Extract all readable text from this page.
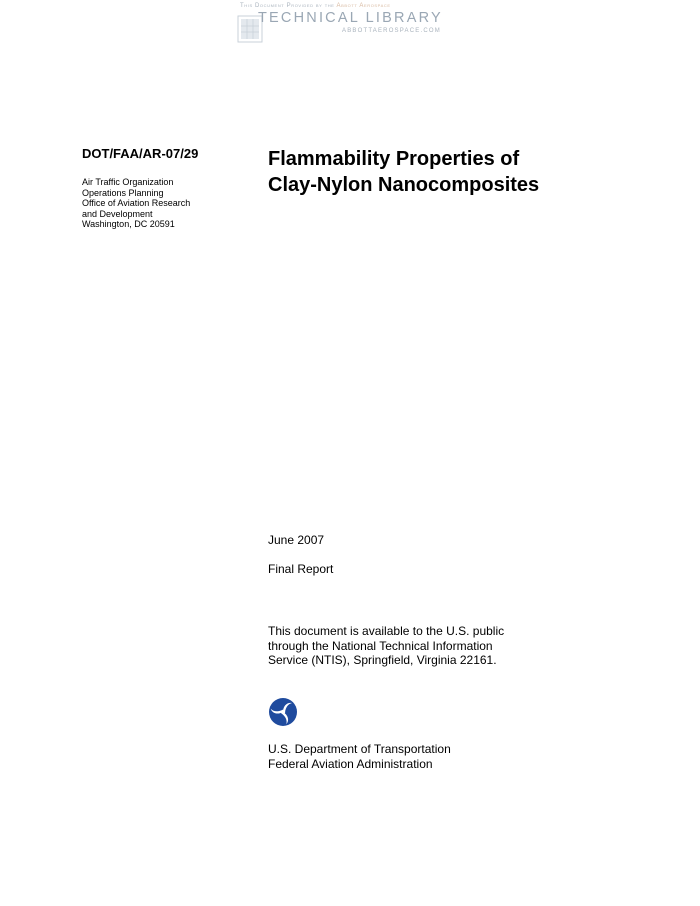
This Document Provided by the Abbott Aerospace
TECHNICAL LIBRARY
ABBOTTAEROSPACE.COM
DOT/FAA/AR-07/29
Air Traffic Organization
Operations Planning
Office of Aviation Research
and Development
Washington, DC 20591
Flammability Properties of
Clay-Nylon Nanocomposites
June 2007
Final Report
This document is available to the U.S. public
through the National Technical Information
Service (NTIS), Springfield, Virginia 22161.
U.S. Department of Transportation
Federal Aviation Administration
